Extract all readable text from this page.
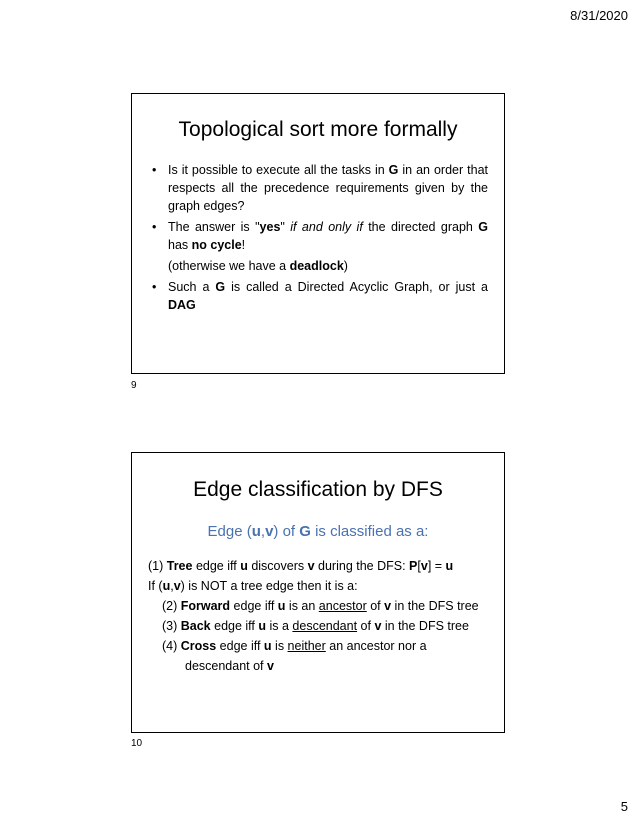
8/31/2020
Topological sort more formally
• Is it possible to execute all the tasks in G in an order that respects all the precedence requirements given by the graph edges?
• The answer is "yes" if and only if the directed graph G has no cycle!
(otherwise we have a deadlock)
• Such a G is called a Directed Acyclic Graph, or just a DAG
9
Edge classification by DFS
Edge (u,v) of G is classified as a:
(1) Tree edge iff u discovers v during the DFS: P[v] = u
If (u,v) is NOT a tree edge then it is a:
(2) Forward edge iff u is an ancestor of v in the DFS tree
(3) Back edge iff u is a descendant of v in the DFS tree
(4) Cross edge iff u is neither an ancestor nor a
descendant of v
10
5
